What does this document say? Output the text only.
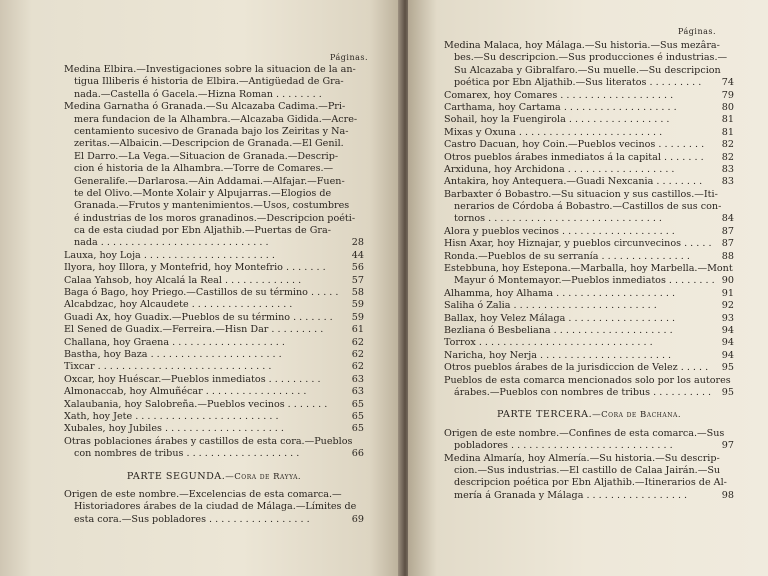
Páginas.
Medina Elbira.—Investigaciones sobre la situacion de la an-
tigua Illiberis é historia de Elbira.—Antigüedad de Gra-
nada.—Castella ó Gacela.—Hizna Roman . . . . . . . .
Medina Garnatha ó Granada.—Su Alcazaba Cadima.—Pri-
mera fundacion de la Alhambra.—Alcazaba Gidida.—Acre-
centamiento sucesivo de Granada bajo los Zeiritas y Na-
zeritas.—Albaicin.—Descripcion de Granada.—El Genil.
El Darro.—La Vega.—Situacion de Granada.—Descrip-
cion é historia de la Alhambra.—Torre de Comares.—
Generalife.—Darlarosa.—Ain Addamai.—Alfajar.—Fuen-
te del Olivo.—Monte Xolair y Alpujarras.—Elogios de
Granada.—Frutos y mantenimientos.—Usos, costumbres
é industrias de los moros granadinos.—Descripcion poéti-
ca de esta ciudad por Ebn Aljathib.—Puertas de Gra-
nada . . . . . . . . . . . . . . . . . . . . . . . . . . . .	28
Lauxa, hoy Loja . . . . . . . . . . . . . . . . . . . . . .	44
Ilyora, hoy Illora, y Montefrid, hoy Montefrio . . . . . . .	56
Calaa Yahsob, hoy Alcalá la Real . . . . . . . . . . . . .	57
Baga ó Bago, hoy Priego.—Castillos de su término . . . . . 58
Alcabdzac, hoy Alcaudete . . . . . . . . . . . . . . . . .	59
Guadi Ax, hoy Guadix.—Pueblos de su término . . . . . . . 59
El Sened de Guadix.—Ferreira.—Hisn Dar . . . . . . . . .	61
Challana, hoy Graena . . . . . . . . . . . . . . . . . . .	62
Bastha, hoy Baza . . . . . . . . . . . . . . . . . . . . . .	62
Tixcar . . . . . . . . . . . . . . . . . . . . . . . . . . . . .	62
Oxcar, hoy Huéscar.—Pueblos inmediatos . . . . . . . . .	63
Almonaccab, hoy Almuñécar . . . . . . . . . . . . . . . . .	63
Xalaubania, hoy Salobreña.—Pueblos vecinos . . . . . . .	65
Xath, hoy Jete . . . . . . . . . . . . . . . . . . . . . . . .	65
Xubales, hoy Jubiles . . . . . . . . . . . . . . . . . . . .	65
Otras poblaciones árabes y castillos de esta cora.—Pueblos
con nombres de tribus . . . . . . . . . . . . . . . . . . .	66
PARTE SEGUNDA.—Cora de Rayya.
Origen de este nombre.—Excelencias de esta comarca.—
Historiadores árabes de la ciudad de Málaga.—Límites de
esta cora.—Sus pobladores . . . . . . . . . . . . . . . . .	69
Páginas.
Medina Malaca, hoy Málaga.—Su historia.—Sus mezâra-
bes.—Su descripcion.—Sus producciones é industrias.—
Su Alcazaba y Gibralfaro.—Su muelle.—Su descripcion
poética por Ebn Aljathib.—Sus literatos . . . . . . . . . 74
Comarex, hoy Comares . . . . . . . . . . . . . . . . . . .	79
Carthama, hoy Cartama . . . . . . . . . . . . . . . . . . .	80
Sohail, hoy la Fuengirola . . . . . . . . . . . . . . . . .	81
Mixas y Oxuna . . . . . . . . . . . . . . . . . . . . . . . .	81
Castro Dacuan, hoy Coin.—Pueblos vecinos . . . . . . . . 82
Otros pueblos árabes inmediatos á la capital . . . . . . . 82
Arxiduna, hoy Archidona . . . . . . . . . . . . . . . . . .	83
Antakira, hoy Antequera.—Guadi Nexcania . . . . . . . . 83
Barbaxter ó Bobastro.—Su situacion y sus castillos.—Iti-
nerarios de Córdoba á Bobastro.—Castillos de sus con-
tornos . . . . . . . . . . . . . . . . . . . . . . . . . . . . .	84
Alora y pueblos vecinos . . . . . . . . . . . . . . . . . . .	87
Hisn Axar, hoy Hiznajar, y pueblos circunvecinos . . . . . 87
Ronda.—Pueblos de su serranía . . . . . . . . . . . . . . .	88
Estebbuna, hoy Estepona.—Marballa, hoy Marbella.—Mont
Mayur ó Montemayor.—Pueblos inmediatos . . . . . . . . 90
Alhamma, hoy Alhama . . . . . . . . . . . . . . . . . . . .	91
Saliha ó Zalia . . . . . . . . . . . . . . . . . . . . . . . .	92
Ballax, hoy Velez Málaga . . . . . . . . . . . . . . . . . .	93
Bezliana ó Besbeliana . . . . . . . . . . . . . . . . . . . .	94
Torrox . . . . . . . . . . . . . . . . . . . . . . . . . . . . .	94
Naricha, hoy Nerja . . . . . . . . . . . . . . . . . . . . . .	94
Otros pueblos árabes de la jurisdiccion de Velez . . . . . 95
Pueblos de esta comarca mencionados solo por los autores
árabes.—Pueblos con nombres de tribus . . . . . . . . . . 95
PARTE TERCERA.—Cora de Bachana.
Origen de este nombre.—Confines de esta comarca.—Sus
pobladores . . . . . . . . . . . . . . . . . . . . . . . . . . .	97
Medina Almaría, hoy Almería.—Su historia.—Su descrip-
cion.—Sus industrias.—El castillo de Calaa Jairán.—Su
descripcion poética por Ebn Aljathib.—Itinerarios de Al-
mería á Granada y Málaga . . . . . . . . . . . . . . . . .	98
